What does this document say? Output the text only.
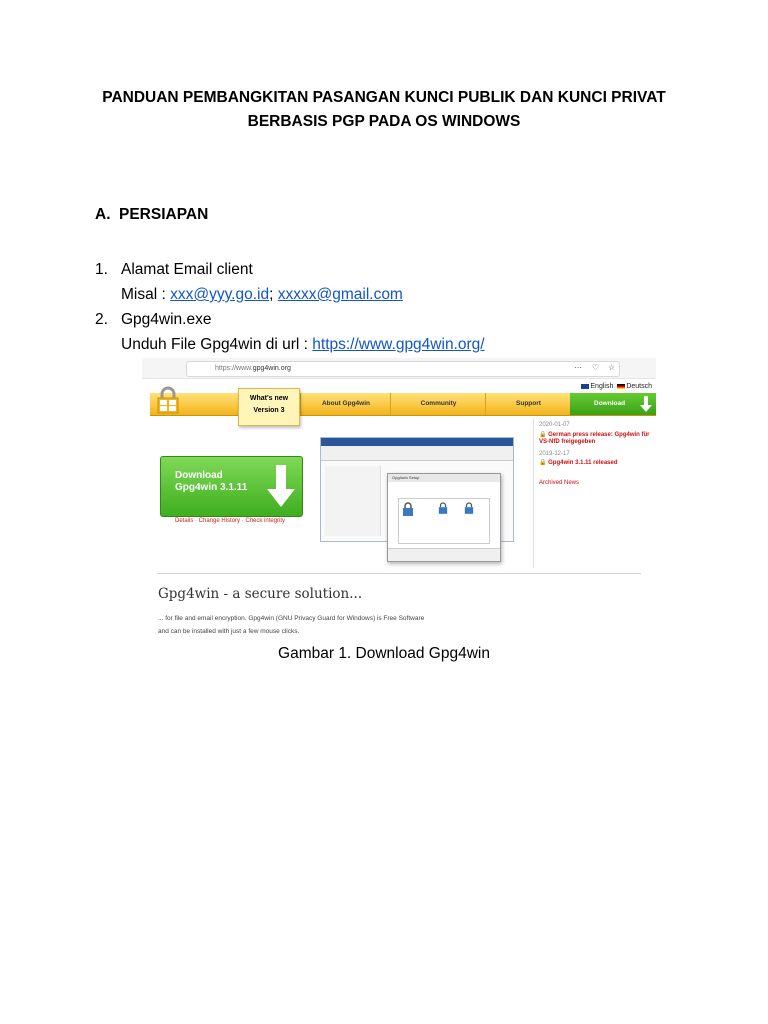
PANDUAN PEMBANGKITAN PASANGAN KUNCI PUBLIK DAN KUNCI PRIVAT
BERBASIS PGP PADA OS WINDOWS
A. PERSIAPAN
1. Alamat Email client
Misal : xxx@yyy.go.id; xxxxx@gmail.com
2. Gpg4win.exe
Unduh File Gpg4win di url : https://www.gpg4win.org/
https://www.gpg4win.org	⋯ ♡ ☆
English Deutsch
About Gpg4win	Community	Support	Download
What's new
Version 3
Download
Gpg4win 3.1.11
Details · Change History · Check integrity
Gpg4win Setup
2020-01-07
🔒 German press release: Gpg4win für VS-NfD freigegeben
2019-12-17
🔒 Gpg4win 3.1.11 released
Archived News
Gpg4win - a secure solution...
... for file and email encryption. Gpg4win (GNU Privacy Guard for Windows) is Free Software
and can be installed with just a few mouse clicks.
Gambar 1. Download Gpg4win
